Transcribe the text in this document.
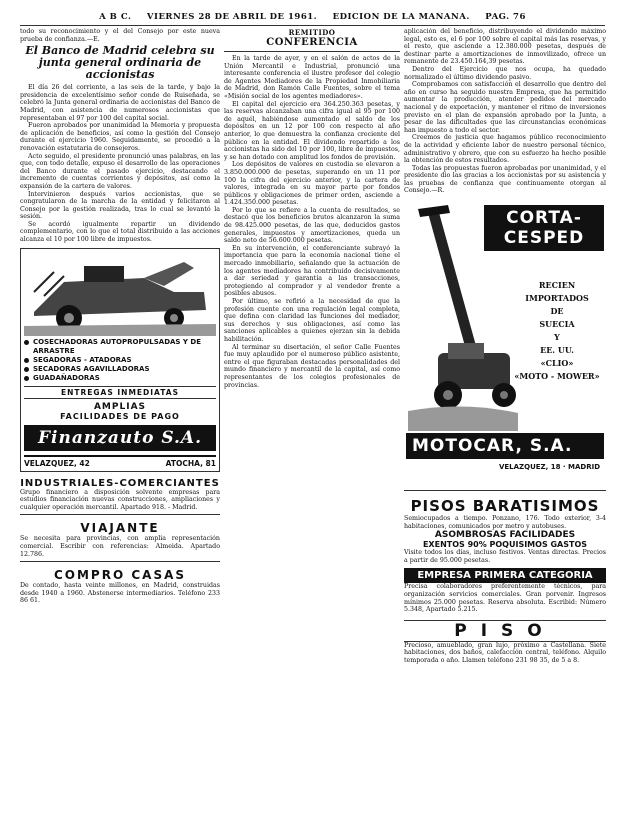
A B C. VIERNES 28 DE ABRIL DE 1961. EDICION DE LA MAÑANA. PAG. 76

todo su reconocimiento y el del Consejo por este nueva prueba de confianza.—E.

El Banco de Madrid celebra su junta general ordinaria de accionistas

El día 26 del corriente, a las seis de la tarde, y bajo la presidencia de excelentísimo señor conde de Ruiseñada, se celebró la Junta general ordinaria de accionistas del Banco de Madrid, con asistencia de numerosos accionistas que representaban el 97 por 100 del capital social.

Fueron aprobados por unanimidad la Memoria y propuesta de aplicación de beneficios, así como la gestión del Consejo durante el ejercicio 1960. Seguidamente, se procedió a la renovación estatutaria de consejeros.

Acto seguido, el presidente pronunció unas palabras, en las que, con todo detalle, expuso el desarrollo de las operaciones del Banco durante el pasado ejercicio, destacando el incremento de cuentas corrientes y depósitos, así como la expansión de la cartera de valores.

Intervinieron después varios accionistas, que se congratularon de la marcha de la entidad y felicitaron al Consejo por la gestión realizada, tras lo cual se levantó la sesión.

Se acordó igualmente repartir un dividendo complementario, con lo que el total distribuido a las acciones alcanza el 10 por 100 libre de impuestos.

COSECHADORAS AUTOPROPULSADAS Y DE ARRASTRE
SEGADORAS - ATADORAS
SECADORAS AGAVILLADORAS
GUADAÑADORAS
ENTREGAS INMEDIATAS
AMPLIAS
FACILIDADES DE PAGO
Finanzauto S.A.
VELAZQUEZ, 42	ATOCHA, 81
INDUSTRIALES-COMERCIANTES

Grupo financiero a disposición solvente empresas para estudios financiación nuevas construcciones, ampliaciones y cualquier operación mercantil. Apartado 918. - Madrid.

VIAJANTE

Se necesita para provincias, con amplia representación comercial. Escribir con referencias: Almeida. Apartado 12.786.

COMPRO CASAS

De contado, hasta veinte millones, en Madrid, construidas desde 1940 a 1960. Abstenerse intermediarios. Teléfono 233 86 61.

REMITIDO
CONFERENCIA

En la tarde de ayer, y en el salón de actos de la Unión Mercantil e Industrial, pronunció una interesante conferencia el ilustre profesor del colegio de Agentes Mediadores de la Propiedad Inmobiliaria de Madrid, don Ramón Calle Fuentes, sobre el tema «Misión social de los agentes mediadores».

El capital del ejercicio era 364.250.363 pesetas, y las reservas alcanzaban una cifra igual al 95 por 100 de aquél, habiéndose aumentado el saldo de los depósitos en un 12 por 100 con respecto al año anterior, lo que demuestra la confianza creciente del público en la entidad. El dividendo repartido a los accionistas ha sido del 10 por 100, libre de impuestos, y se han dotado con amplitud los fondos de previsión.

Los depósitos de valores en custodia se elevaron a 3.850.000.000 de pesetas, superando en un 11 por 100 la cifra del ejercicio anterior, y la cartera de valores, integrada en su mayor parte por fondos públicos y obligaciones de primer orden, asciende a 1.424.350.000 pesetas.

Por lo que se refiere a la cuenta de resultados, se destacó que los beneficios brutos alcanzaron la suma de 98.425.000 pesetas, de las que, deducidos gastos generales, impuestos y amortizaciones, queda un saldo neto de 56.600.000 pesetas.

En su intervención, el conferenciante subrayó la importancia que para la economía nacional tiene el mercado inmobiliario, señalando que la actuación de los agentes mediadores ha contribuido decisivamente a dar seriedad y garantía a las transacciones, protegiendo al comprador y al vendedor frente a posibles abusos.

Por último, se refirió a la necesidad de que la profesión cuente con una regulación legal completa, que defina con claridad las funciones del mediador, sus derechos y sus obligaciones, así como las sanciones aplicables a quienes ejerzan sin la debida habilitación.

Al terminar su disertación, el señor Calle Fuentes fue muy aplaudido por el numeroso público asistente, entre el que figuraban destacadas personalidades del mundo financiero y mercantil de la capital, así como representantes de los colegios profesionales de provincias.

aplicación del beneficio, distribuyendo el dividendo máximo legal, esto es, el 6 por 100 sobre el capital más las reservas, y el resto, que asciende a 12.380.000 pesetas, después de destinar parte a amortizaciones de inmovilizado, ofrece un remanente de 23.450.164,39 pesetas.

Dentro del Ejercicio que nos ocupa, ha quedado normalizado el último dividendo pasivo.

Comprobamos con satisfacción el desarrollo que dentro del año en curso ha seguido nuestra Empresa, que ha permitido aumentar la producción, atender pedidos del mercado nacional y de exportación, y mantener el ritmo de inversiones previsto en el plan de expansión aprobado por la Junta, a pesar de las dificultades que las circunstancias económicas han impuesto a todo el sector.

Creemos de justicia que hagamos público reconocimiento de la actividad y eficiente labor de nuestro personal técnico, administrativo y obrero, que con su esfuerzo ha hecho posible la obtención de estos resultados.

Todas las propuestas fueron aprobadas por unanimidad, y el presidente dio las gracias a los accionistas por su asistencia y las pruebas de confianza que continuamente otorgan al Consejo.—R.

CORTA-
CESPED
RECIEN
IMPORTADOS
DE
SUECIA
Y
EE. UU.
«CLIO»
«MOTO - MOWER»
MOTOCAR, S.A.
VELAZQUEZ, 18 · MADRID
PISOS BARATISIMOS

Semiocupados a tiempo. Ponzano, 176. Todo exterior, 3-4 habitaciones, comunicados por metro y autobuses.

ASOMBROSAS FACILIDADES
EXENTOS 90% POQUISIMOS GASTOS

Visite todos los días, incluso festivos. Ventas directas. Precios a partir de 95.000 pesetas.

EMPRESA PRIMERA CATEGORIA

Precisa colaboradores preferentemente técnicos, para organización servicios comerciales. Gran porvenir. Ingresos mínimos 25.000 pesetas. Reserva absoluta. Escribid: Número 5.348, Apartado 5.215.

PISO

Precioso, amueblado, gran lujo, próximo a Castellana. Siete habitaciones, dos baños, calefacción central, teléfono. Alquilo temporada o año. Llamen teléfono 231 98 35, de 5 a 8.
